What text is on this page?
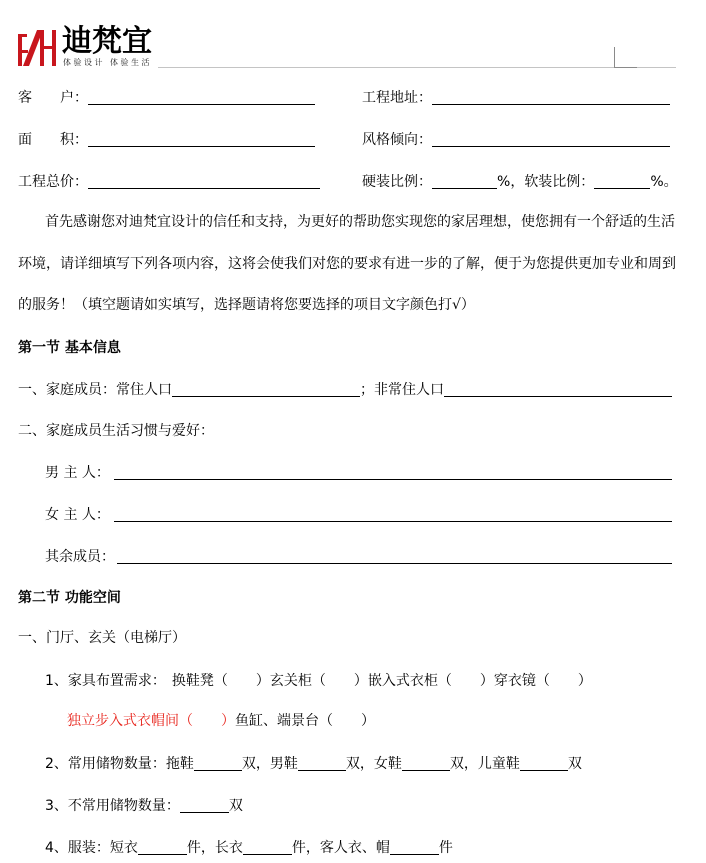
迪梵宜
体验设计 体验生活
客　　户：	工程地址：
面　　积：	风格倾向：
工程总价：	硬装比例：	% ， 软装比例：	% 。
首先感谢您对迪梵宜设计的信任和支持，为更好的帮助您实现您的家居理想，使您拥有一个舒适的生活
环境，请详细填写下列各项内容，这将会使我们对您的要求有进一步的了解，便于为您提供更加专业和周到
的服务！（填空题请如实填写，选择题请将您要选择的项目文字颜色打√）
第一节 基本信息
一、家庭成员： 常住人口	； 非常住人口
二、家庭成员生活习惯与爱好：
男 主 人：
女 主 人：
其余成员：
第二节 功能空间
一、门厅、玄关（电梯厅）
1、家具布置需求： 换鞋凳（　　） 玄关柜（　　） 嵌入式衣柜（　　） 穿衣镜（　　）
独立步入式衣帽间（　　） 鱼缸、端景台（　　）
2、常用储物数量： 拖鞋	双 ， 男鞋	双 ， 女鞋	双 ， 儿童鞋	双
3、不常用储物数量：	双
4、服装： 短衣	件 ， 长衣	件 ， 客人衣、帽	件
